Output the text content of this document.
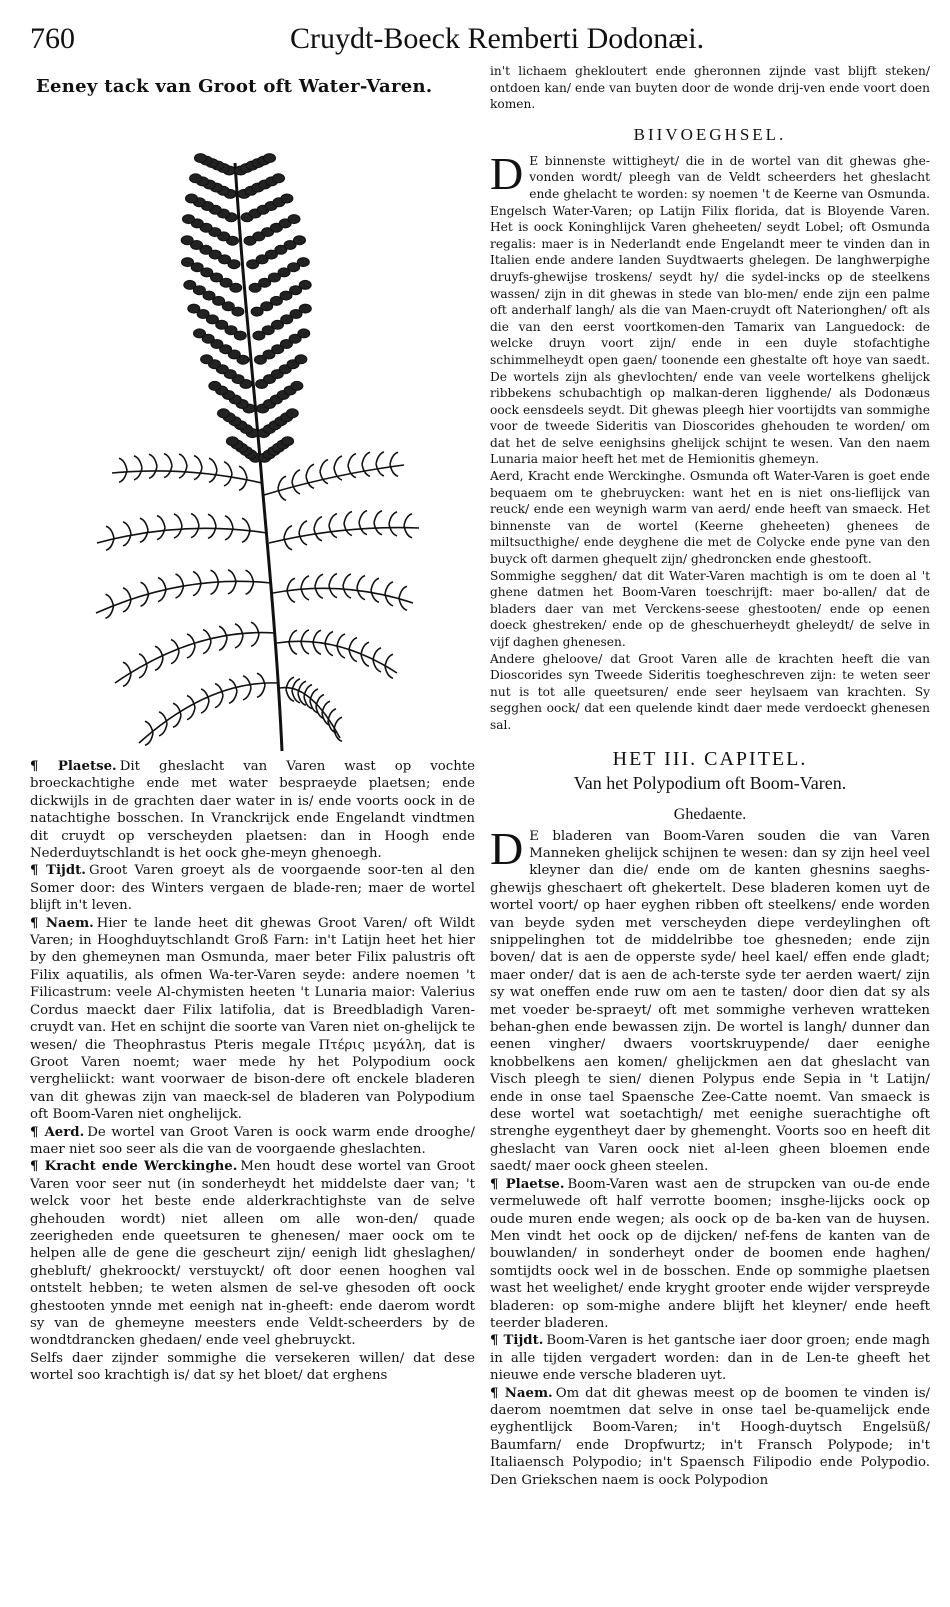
760	Cruydt-Boeck Remberti Dodonæi.
Eeney tack van Groot oft Water-Varen.

¶ Plaetse. Dit gheslacht van Varen wast op vochte broeckachtighe ende met water bespraeyde plaetsen; ende dickwijls in de grachten daer water in is/ ende voorts oock in de natachtighe bosschen. In Vranckrijck ende Engelandt vindtmen dit cruydt op verscheyden plaetsen: dan in Hoogh ende Nederduytschlandt is het oock ghe-meyn ghenoegh.

¶ Tijdt. Groot Varen groeyt als de voorgaende soor-ten al den Somer door: des Winters vergaen de blade-ren; maer de wortel blijft in't leven.

¶ Naem. Hier te lande heet dit ghewas Groot Varen/ oft Wildt Varen; in Hooghduytschlandt Groß Farn: in't Latijn heet het hier by den ghemeynen man Osmunda, maer beter Filix palustris oft Filix aquatilis, als ofmen Wa-ter-Varen seyde: andere noemen 't Filicastrum: veele Al-chymisten heeten 't Lunaria maior: Valerius Cordus maeckt daer Filix latifolia, dat is Breedbladigh Varen-cruydt van. Het en schijnt die soorte van Varen niet on-ghelijck te wesen/ die Theophrastus Pteris megale Πτέρις μεγάλη, dat is Groot Varen noemt; waer mede hy het Polypodium oock vergheliickt: want voorwaer de bison-dere oft enckele bladeren van dit ghewas zijn van maeck-sel de bladeren van Polypodium oft Boom-Varen niet onghelijck.

¶ Aerd. De wortel van Groot Varen is oock warm ende drooghe/ maer niet soo seer als die van de voorgaende gheslachten.

¶ Kracht ende Werckinghe. Men houdt dese wortel van Groot Varen voor seer nut (in sonderheydt het middelste daer van; 't welck voor het beste ende alderkrachtighste van de selve ghehouden wordt) niet alleen om alle won-den/ quade zeerigheden ende queetsuren te ghenesen/ maer oock om te helpen alle de gene die gescheurt zijn/ eenigh lidt gheslaghen/ ghebluft/ ghekroockt/ verstuyckt/ oft door eenen hooghen val ontstelt hebben; te weten alsmen de sel-ve ghesoden oft oock ghestooten ynnde met eenigh nat in-gheeft: ende daerom wordt sy van de ghemeyne meesters ende Veldt-scheerders by de wondtdrancken ghedaen/ ende veel ghebruyckt.

Selfs daer zijnder sommighe die versekeren willen/ dat dese wortel soo krachtigh is/ dat sy het bloet/ dat erghens

in't lichaem ghekloutert ende gheronnen zijnde vast blijft steken/ ontdoen kan/ ende van buyten door de wonde drij-ven ende voort doen komen.

BIIVOEGHSEL.

D E binnenste wittigheyt/ die in de wortel van dit ghewas ghe-vonden wordt/ pleegh van de Veldt scheerders het gheslacht ende ghelacht te worden: sy noemen 't de Keerne van Osmunda. Engelsch Water-Varen; op Latijn Filix florida, dat is Bloyende Varen. Het is oock Koninghlijck Varen gheheeten/ seydt Lobel; oft Osmunda regalis: maer is in Nederlandt ende Engelandt meer te vinden dan in Italien ende andere landen Suydtwaerts ghelegen. De langhwerpighe druyfs-ghewijse troskens/ seydt hy/ die sydel-incks op de steelkens wassen/ zijn in dit ghewas in stede van blo-men/ ende zijn een palme oft anderhalf langh/ als die van Maen-cruydt oft Naterionghen/ oft als die van den eerst voortkomen-den Tamarix van Languedock: de welcke druyn voort zijn/ ende in een duyle stofachtighe schimmelheydt open gaen/ toonende een ghestalte oft hoye van saedt. De wortels zijn als ghevlochten/ ende van veele wortelkens ghelijck ribbekens schubachtigh op malkan-deren ligghende/ als Dodonæus oock eensdeels seydt. Dit ghewas pleegh hier voortijdts van sommighe voor de tweede Sideritis van Dioscorides ghehouden te worden/ om dat het de selve eenighsins ghelijck schijnt te wesen. Van den naem Lunaria maior heeft het met de Hemionitis ghemeyn.

Aerd, Kracht ende Werckinghe. Osmunda oft Water-Varen is goet ende bequaem om te ghebruycken: want het en is niet ons-lieflijck van reuck/ ende een weynigh warm van aerd/ ende heeft van smaeck. Het binnenste van de wortel (Keerne gheheeten) ghenees de miltsucthighe/ ende deyghene die met de Colycke ende pyne van den buyck oft darmen ghequelt zijn/ ghedroncken ende ghestooft.

Sommighe segghen/ dat dit Water-Varen machtigh is om te doen al 't ghene datmen het Boom-Varen toeschrijft: maer bo-allen/ dat de bladers daer van met Verckens-seese ghestooten/ ende op eenen doeck ghestreken/ ende op de gheschuerheydt gheleydt/ de selve in vijf daghen ghenesen.

Andere gheloove/ dat Groot Varen alle de krachten heeft die van Dioscorides syn Tweede Sideritis toegheschreven zijn: te weten seer nut is tot alle queetsuren/ ende seer heylsaem van krachten. Sy segghen oock/ dat een quelende kindt daer mede verdoeckt ghenesen sal.

HET III. CAPITEL.
Van het Polypodium oft Boom-Varen.
Ghedaente.

D E bladeren van Boom-Varen souden die van Varen Manneken ghelijck schijnen te wesen: dan sy zijn heel veel kleyner dan die/ ende om de kanten ghesnins saeghs-ghewijs gheschaert oft ghekertelt. Dese bladeren komen uyt de wortel voort/ op haer eyghen ribben oft steelkens/ ende worden van beyde syden met verscheyden diepe verdeylinghen oft snippelinghen tot de middelribbe toe ghesneden; ende zijn boven/ dat is aen de opperste syde/ heel kael/ effen ende gladt; maer onder/ dat is aen de ach-terste syde ter aerden waert/ zijn sy wat oneffen ende ruw om aen te tasten/ door dien dat sy als met voeder be-spraeyt/ oft met sommighe verheven wratteken behan-ghen ende bewassen zijn. De wortel is langh/ dunner dan eenen vingher/ dwaers voortskruypende/ daer eenighe knobbelkens aen komen/ ghelijckmen aen dat gheslacht van Visch pleegh te sien/ dienen Polypus ende Sepia in 't Latijn/ ende in onse tael Spaensche Zee-Catte noemt. Van smaeck is dese wortel wat soetachtigh/ met eenighe suerachtighe oft strenghe eygentheyt daer by ghemenght. Voorts soo en heeft dit gheslacht van Varen oock niet al-leen gheen bloemen ende saedt/ maer oock gheen steelen.

¶ Plaetse. Boom-Varen wast aen de strupcken van ou-de ende vermeluwede oft half verrotte boomen; insghe-lijcks oock op oude muren ende wegen; als oock op de ba-ken van de huysen. Men vindt het oock op de dijcken/ nef-fens de kanten van de bouwlanden/ in sonderheyt onder de boomen ende haghen/ somtijdts oock wel in de bosschen. Ende op sommighe plaetsen wast het weelighet/ ende kryght grooter ende wijder verspreyde bladeren: op som-mighe andere blijft het kleyner/ ende heeft teerder bladeren.

¶ Tijdt. Boom-Varen is het gantsche iaer door groen; ende magh in alle tijden vergadert worden: dan in de Len-te gheeft het nieuwe ende versche bladeren uyt.

¶ Naem. Om dat dit ghewas meest op de boomen te vinden is/ daerom noemtmen dat selve in onse tael be-quamelijck ende eyghentlijck Boom-Varen; in't Hoogh-duytsch Engelsüß/ Baumfarn/ ende Dropfwurtz; in't Fransch Polypode; in't Italiaensch Polypodio; in't Spaensch Filipodio ende Polypodio. Den Griekschen naem is oock Polypodion
